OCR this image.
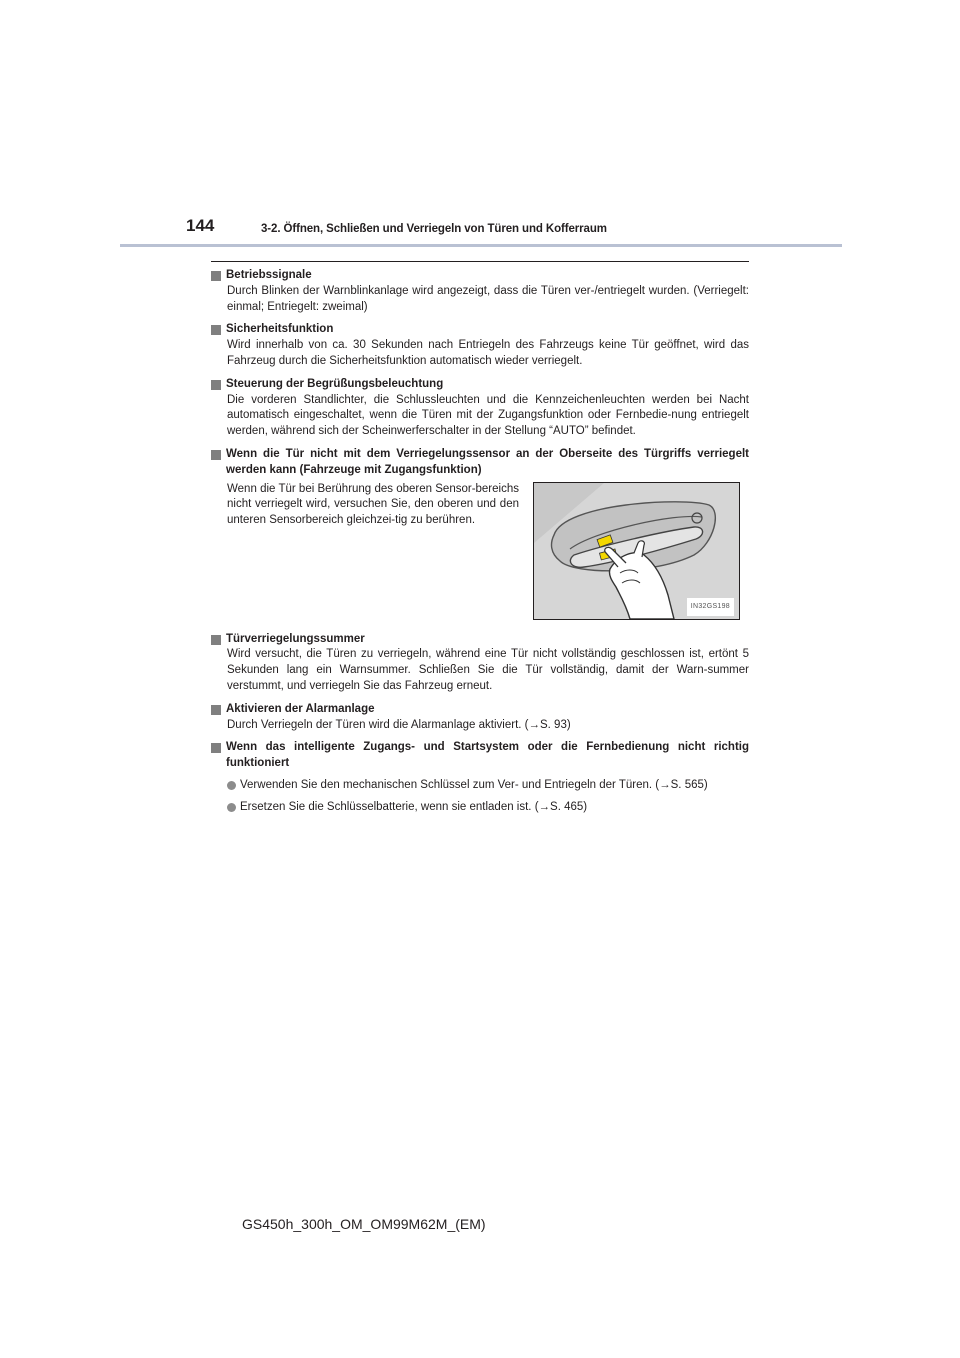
144	3-2. Öffnen, Schließen und Verriegeln von Türen und Kofferraum
Betriebssignale
Durch Blinken der Warnblinkanlage wird angezeigt, dass die Türen ver-/entriegelt wurden. (Verriegelt: einmal; Entriegelt: zweimal)
Sicherheitsfunktion
Wird innerhalb von ca. 30 Sekunden nach Entriegeln des Fahrzeugs keine Tür geöffnet, wird das Fahrzeug durch die Sicherheitsfunktion automatisch wieder verriegelt.
Steuerung der Begrüßungsbeleuchtung
Die vorderen Standlichter, die Schlussleuchten und die Kennzeichenleuchten werden bei Nacht automatisch eingeschaltet, wenn die Türen mit der Zugangsfunktion oder Fernbedie-nung entriegelt werden, während sich der Scheinwerferschalter in der Stellung “AUTO” befindet.
Wenn die Tür nicht mit dem Verriegelungssensor an der Oberseite des Türgriffs verriegelt werden kann (Fahrzeuge mit Zugangsfunktion)
Wenn die Tür bei Berührung des oberen Sensor-bereichs nicht verriegelt wird, versuchen Sie, den oberen und den unteren Sensorbereich gleichzei-tig zu berühren.
IN32GS198
Türverriegelungssummer
Wird versucht, die Türen zu verriegeln, während eine Tür nicht vollständig geschlossen ist, ertönt 5 Sekunden lang ein Warnsummer. Schließen Sie die Tür vollständig, damit der Warn-summer verstummt, und verriegeln Sie das Fahrzeug erneut.
Aktivieren der Alarmanlage
Durch Verriegeln der Türen wird die Alarmanlage aktiviert. (→S. 93)
Wenn das intelligente Zugangs- und Startsystem oder die Fernbedienung nicht richtig funktioniert
Verwenden Sie den mechanischen Schlüssel zum Ver- und Entriegeln der Türen. (→S. 565)
Ersetzen Sie die Schlüsselbatterie, wenn sie entladen ist. (→S. 465)
GS450h_300h_OM_OM99M62M_(EM)
